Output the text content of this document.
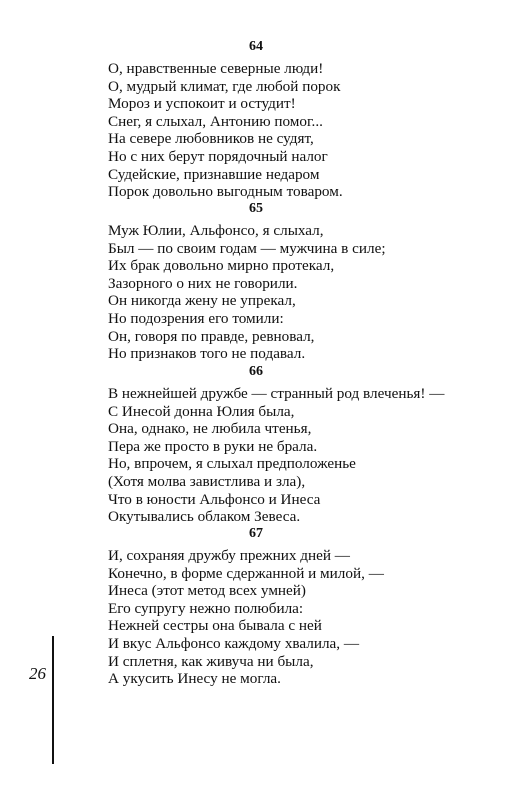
64
О, нравственные северные люди!
О, мудрый климат, где любой порок
Мороз и успокоит и остудит!
Снег, я слыхал, Антонию помог...
На севере любовников не судят,
Но с них берут порядочный налог
Судейские, признавшие недаром
Порок довольно выгодным товаром.
65
Муж Юлии, Альфонсо, я слыхал,
Был — по своим годам — мужчина в силе;
Их брак довольно мирно протекал,
Зазорного о них не говорили.
Он никогда жену не упрекал,
Но подозрения его томили:
Он, говоря по правде, ревновал,
Но признаков того не подавал.
66
В нежнейшей дружбе — странный род влеченья! —
С Инесой донна Юлия была,
Она, однако, не любила чтенья,
Пера же просто в руки не брала.
Но, впрочем, я слыхал предположенье
(Хотя молва завистлива и зла),
Что в юности Альфонсо и Инеса
Окутывались облаком Зевеса.
67
И, сохраняя дружбу прежних дней —
Конечно, в форме сдержанной и милой, —
Инеса (этот метод всех умней)
Его супругу нежно полюбила:
Нежней сестры она бывала с ней
И вкус Альфонсо каждому хвалила, —
И сплетня, как живуча ни была,
А укусить Инесу не могла.
26
